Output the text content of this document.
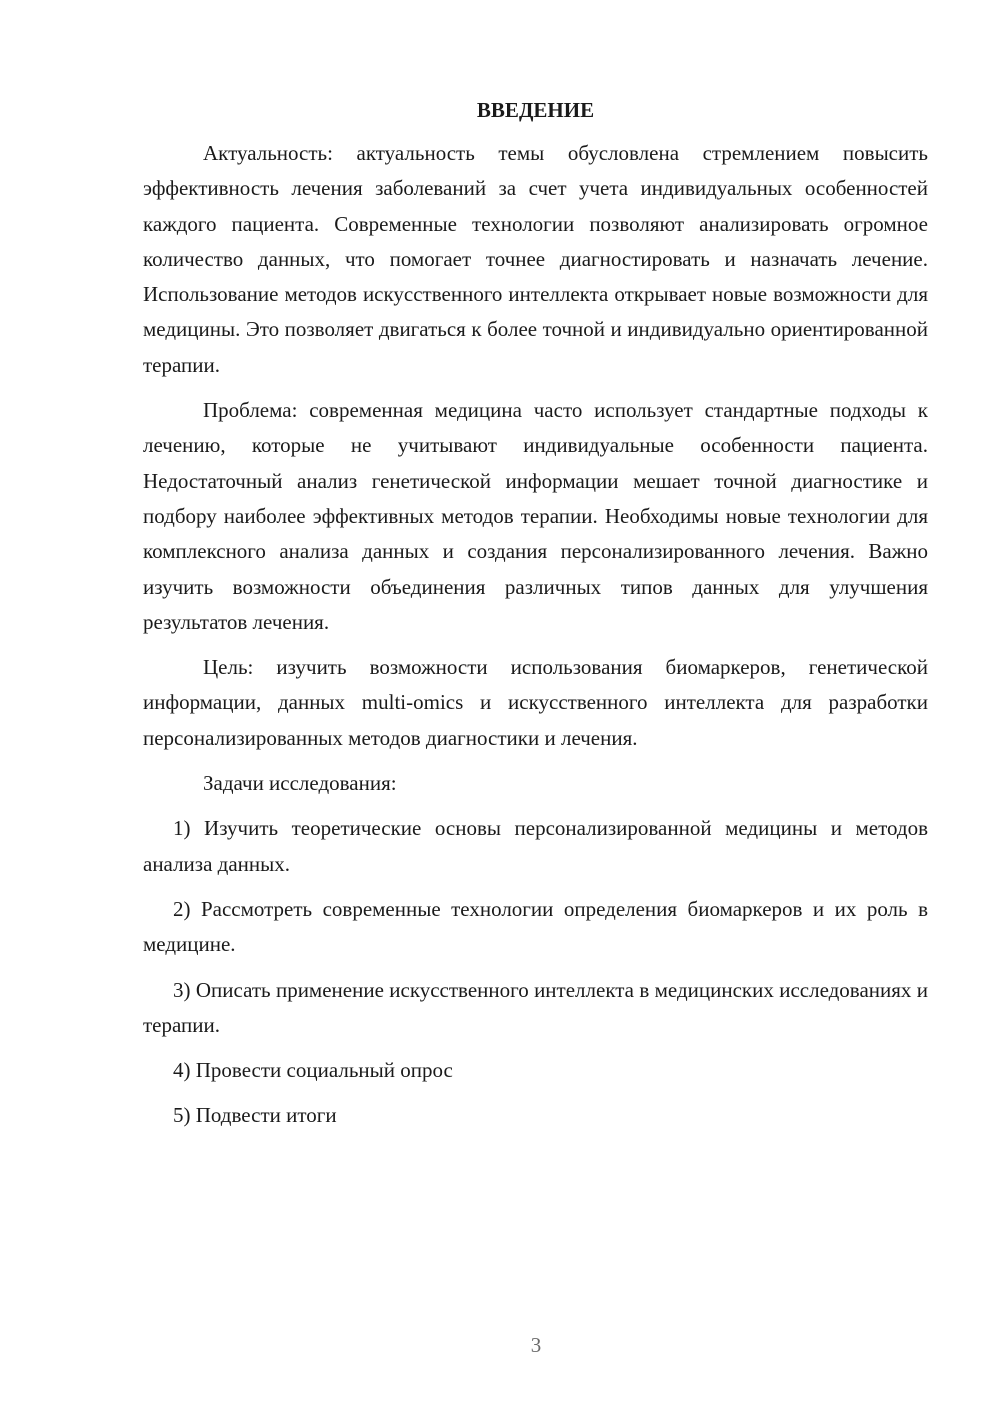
ВВЕДЕНИЕ

Актуальность: актуальность темы обусловлена стремлением повысить эффективность лечения заболеваний за счет учета индивидуальных особенностей каждого пациента. Современные технологии позволяют анализировать огромное количество данных, что помогает точнее диагностировать и назначать лечение. Использование методов искусственного интеллекта открывает новые возможности для медицины. Это позволяет двигаться к более точной и индивидуально ориентированной терапии.

Проблема: современная медицина часто использует стандартные подходы к лечению, которые не учитывают индивидуальные особенности пациента. Недостаточный анализ генетической информации мешает точной диагностике и подбору наиболее эффективных методов терапии. Необходимы новые технологии для комплексного анализа данных и создания персонализированного лечения. Важно изучить возможности объединения различных типов данных для улучшения результатов лечения.

Цель: изучить возможности использования биомаркеров, генетической информации, данных multi-omics и искусственного интеллекта для разработки персонализированных методов диагностики и лечения.

Задачи исследования:

1) Изучить теоретические основы персонализированной медицины и методов анализа данных.

2) Рассмотреть современные технологии определения биомаркеров и их роль в медицине.

3) Описать применение искусственного интеллекта в медицинских исследованиях и терапии.

4) Провести социальный опрос

5) Подвести итоги

3
